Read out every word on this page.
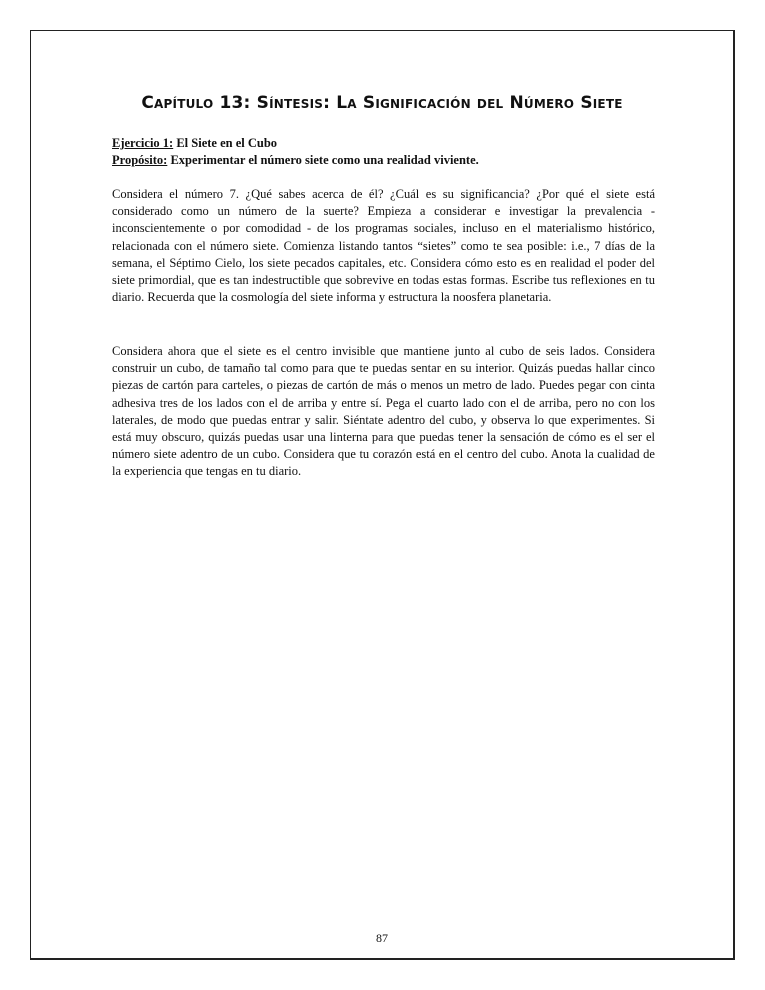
Capítulo 13: Síntesis: La Significación del Número Siete
Ejercicio 1: El Siete en el Cubo
Propósito: Experimentar el número siete como una realidad viviente.

Considera el número 7. ¿Qué sabes acerca de él? ¿Cuál es su significancia? ¿Por qué el siete está considerado como un número de la suerte? Empieza a considerar e investigar la prevalencia - inconscientemente o por comodidad - de los programas sociales, incluso en el materialismo histórico, relacionada con el número siete. Comienza listando tantos “sietes” como te sea posible: i.e., 7 días de la semana, el Séptimo Cielo, los siete pecados capitales, etc. Considera cómo esto es en realidad el poder del siete primordial, que es tan indestructible que sobrevive en todas estas formas. Escribe tus reflexiones en tu diario. Recuerda que la cosmología del siete informa y estructura la noosfera planetaria.

Considera ahora que el siete es el centro invisible que mantiene junto al cubo de seis lados. Considera construir un cubo, de tamaño tal como para que te puedas sentar en su interior. Quizás puedas hallar cinco piezas de cartón para carteles, o piezas de cartón de más o menos un metro de lado. Puedes pegar con cinta adhesiva tres de los lados con el de arriba y entre sí. Pega el cuarto lado con el de arriba, pero no con los laterales, de modo que puedas entrar y salir. Siéntate adentro del cubo, y observa lo que experimentes. Si está muy obscuro, quizás puedas usar una linterna para que puedas tener la sensación de cómo es el ser el número siete adentro de un cubo. Considera que tu corazón está en el centro del cubo. Anota la cualidad de la experiencia que tengas en tu diario.

87
